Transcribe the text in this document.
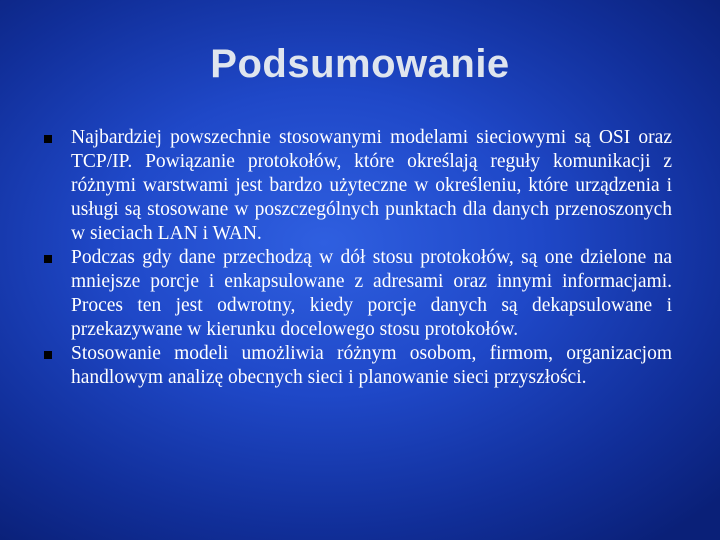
Podsumowanie
Najbardziej powszechnie stosowanymi modelami sieciowymi są OSI oraz TCP/IP. Powiązanie protokołów, które określają reguły komunikacji z różnymi warstwami jest bardzo użyteczne w określeniu, które urządzenia i usługi są stosowane w poszczególnych punktach dla danych przenoszonych w sieciach LAN i WAN.
Podczas gdy dane przechodzą w dół stosu protokołów, są one dzielone na mniejsze porcje i enkapsulowane z adresami oraz innymi informacjami. Proces ten jest odwrotny, kiedy porcje danych są dekapsulowane i przekazywane w kierunku docelowego stosu protokołów.
Stosowanie modeli umożliwia różnym osobom, firmom, organizacjom handlowym analizę obecnych sieci i planowanie sieci przyszłości.
